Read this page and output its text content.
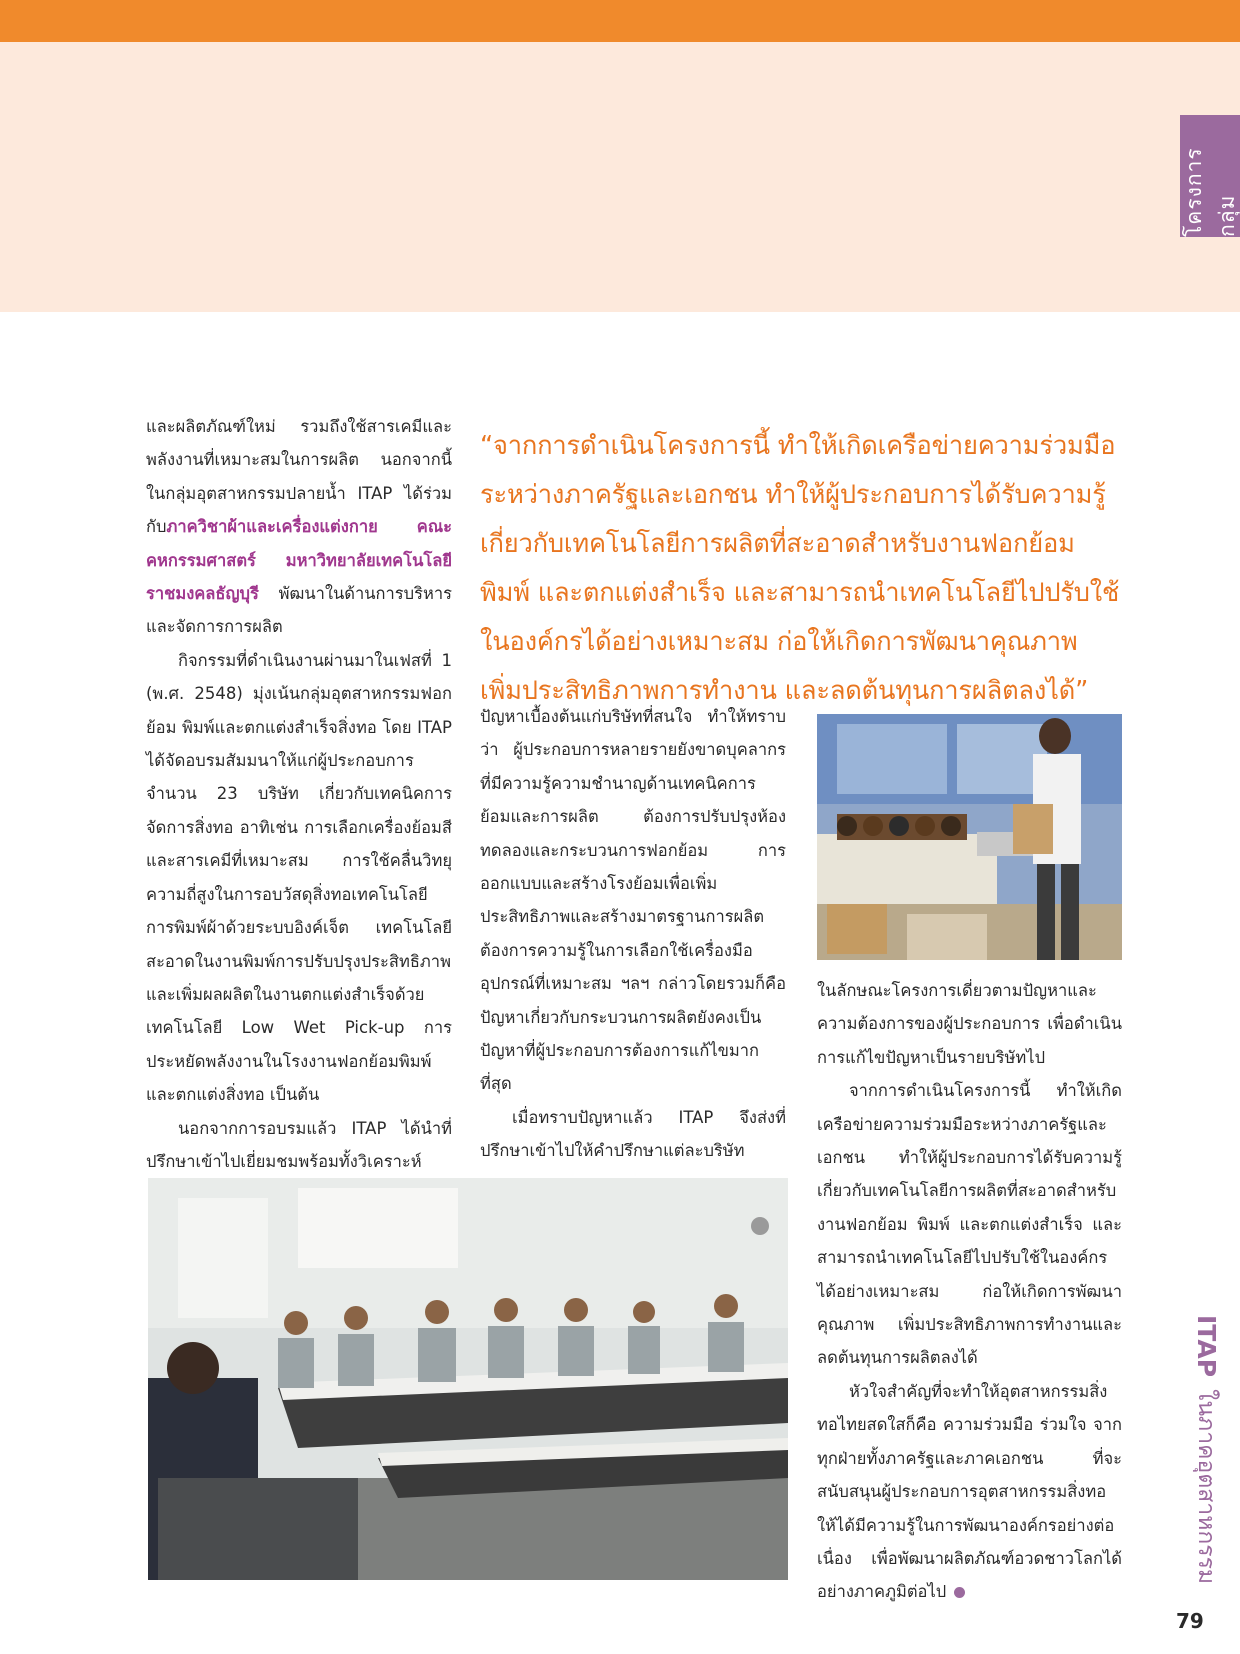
โครงการกลุ่ม

และผลิตภัณฑ์ใหม่ รวมถึงใช้สารเคมีและพลังงานที่เหมาะสมในการผลิต นอกจากนี้ในกลุ่มอุตสาหกรรมปลายน้ำ ITAP ได้ร่วมกับภาควิชาผ้าและเครื่องแต่งกาย คณะคหกรรมศาสตร์ มหาวิทยาลัยเทคโนโลยีราชมงคลธัญบุรี พัฒนาในด้านการบริหารและจัดการการผลิต

กิจกรรมที่ดำเนินงานผ่านมาในเฟสที่ 1 (พ.ศ. 2548) มุ่งเน้นกลุ่มอุตสาหกรรมฟอกย้อม พิมพ์และตกแต่งสำเร็จสิ่งทอ โดย ITAP ได้จัดอบรมสัมมนาให้แก่ผู้ประกอบการจำนวน 23 บริษัท เกี่ยวกับเทคนิคการจัดการสิ่งทอ อาทิเช่น การเลือกเครื่องย้อมสีและสารเคมีที่เหมาะสม การใช้คลื่นวิทยุความถี่สูงในการอบวัสดุสิ่งทอเทคโนโลยีการพิมพ์ผ้าด้วยระบบอิงค์เจ็ต เทคโนโลยีสะอาดในงานพิมพ์การปรับปรุงประสิทธิภาพและเพิ่มผลผลิตในงานตกแต่งสำเร็จด้วยเทคโนโลยี Low Wet Pick-up การประหยัดพลังงานในโรงงานฟอกย้อมพิมพ์และตกแต่งสิ่งทอ เป็นต้น

นอกจากการอบรมแล้ว ITAP ได้นำที่ปรึกษาเข้าไปเยี่ยมชมพร้อมทั้งวิเคราะห์

“จากการดำเนินโครงการนี้ ทำให้เกิดเครือข่ายความร่วมมือระหว่างภาครัฐและเอกชน ทำให้ผู้ประกอบการได้รับความรู้เกี่ยวกับเทคโนโลยีการผลิตที่สะอาดสำหรับงานฟอกย้อมพิมพ์ และตกแต่งสำเร็จ และสามารถนำเทคโนโลยีไปปรับใช้ในองค์กรได้อย่างเหมาะสม ก่อให้เกิดการพัฒนาคุณภาพ เพิ่มประสิทธิภาพการทำงาน และลดต้นทุนการผลิตลงได้”

ปัญหาเบื้องต้นแก่บริษัทที่สนใจ ทำให้ทราบว่า ผู้ประกอบการหลายรายยังขาดบุคลากรที่มีความรู้ความชำนาญด้านเทคนิคการย้อมและการผลิต ต้องการปรับปรุงห้องทดลองและกระบวนการฟอกย้อม การออกแบบและสร้างโรงย้อมเพื่อเพิ่มประสิทธิภาพและสร้างมาตรฐานการผลิต ต้องการความรู้ในการเลือกใช้เครื่องมืออุปกรณ์ที่เหมาะสม ฯลฯ กล่าวโดยรวมก็คือ ปัญหาเกี่ยวกับกระบวนการผลิตยังคงเป็นปัญหาที่ผู้ประกอบการต้องการแก้ไขมากที่สุด

เมื่อทราบปัญหาแล้ว ITAP จึงส่งที่ปรึกษาเข้าไปให้คำปรึกษาแต่ละบริษัท

ในลักษณะโครงการเดี่ยวตามปัญหาและความต้องการของผู้ประกอบการ เพื่อดำเนินการแก้ไขปัญหาเป็นรายบริษัทไป

จากการดำเนินโครงการนี้ ทำให้เกิดเครือข่ายความร่วมมือระหว่างภาครัฐและเอกชน ทำให้ผู้ประกอบการได้รับความรู้เกี่ยวกับเทคโนโลยีการผลิตที่สะอาดสำหรับงานฟอกย้อม พิมพ์ และตกแต่งสำเร็จ และสามารถนำเทคโนโลยีไปปรับใช้ในองค์กรได้อย่างเหมาะสม ก่อให้เกิดการพัฒนาคุณภาพ เพิ่มประสิทธิภาพการทำงานและลดต้นทุนการผลิตลงได้

หัวใจสำคัญที่จะทำให้อุตสาหกรรมสิ่งทอไทยสดใสก็คือ ความร่วมมือ ร่วมใจ จากทุกฝ่ายทั้งภาครัฐและภาคเอกชน ที่จะสนับสนุนผู้ประกอบการอุตสาหกรรมสิ่งทอให้ได้มีความรู้ในการพัฒนาองค์กรอย่างต่อเนื่อง เพื่อพัฒนาผลิตภัณฑ์อวดชาวโลกได้อย่างภาคภูมิต่อไป

ITAPในภาคอุตสาหกรรม
79
